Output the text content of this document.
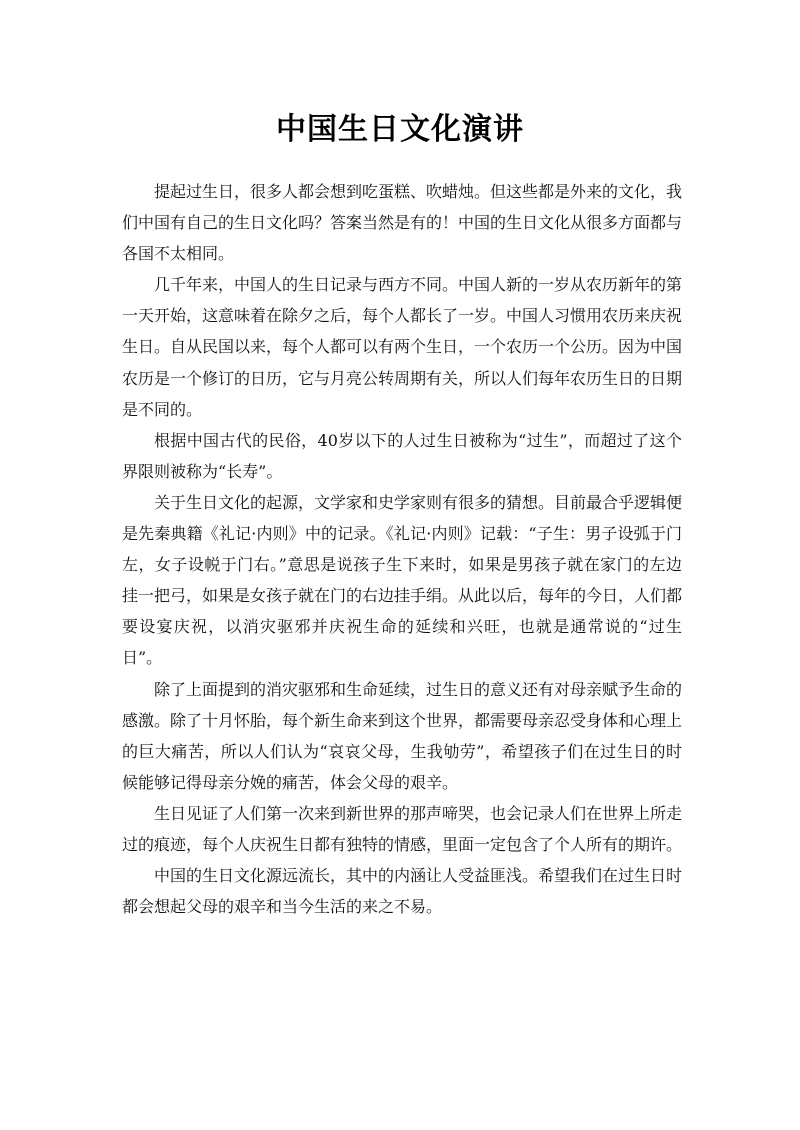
中国生日文化演讲

提起过生日，很多人都会想到吃蛋糕、吹蜡烛。但这些都是外来的文化，我们中国有自己的生日文化吗？答案当然是有的！中国的生日文化从很多方面都与各国不太相同。

几千年来，中国人的生日记录与西方不同。中国人新的一岁从农历新年的第一天开始，这意味着在除夕之后，每个人都长了一岁。中国人习惯用农历来庆祝生日。自从民国以来，每个人都可以有两个生日，一个农历一个公历。因为中国农历是一个修订的日历，它与月亮公转周期有关，所以人们每年农历生日的日期是不同的。

根据中国古代的民俗，40岁以下的人过生日被称为“过生”，而超过了这个界限则被称为“长寿”。

关于生日文化的起源，文学家和史学家则有很多的猜想。目前最合乎逻辑便是先秦典籍《礼记·内则》中的记录。《礼记·内则》记载：“子生：男子设弧于门左，女子设帨于门右。”意思是说孩子生下来时，如果是男孩子就在家门的左边挂一把弓，如果是女孩子就在门的右边挂手绢。从此以后，每年的今日，人们都要设宴庆祝，以消灾驱邪并庆祝生命的延续和兴旺，也就是通常说的“过生日”。

除了上面提到的消灾驱邪和生命延续，过生日的意义还有对母亲赋予生命的感激。除了十月怀胎，每个新生命来到这个世界，都需要母亲忍受身体和心理上的巨大痛苦，所以人们认为“哀哀父母，生我劬劳”，希望孩子们在过生日的时候能够记得母亲分娩的痛苦，体会父母的艰辛。

生日见证了人们第一次来到新世界的那声啼哭，也会记录人们在世界上所走过的痕迹，每个人庆祝生日都有独特的情感，里面一定包含了个人所有的期许。

中国的生日文化源远流长，其中的内涵让人受益匪浅。希望我们在过生日时都会想起父母的艰辛和当今生活的来之不易。
